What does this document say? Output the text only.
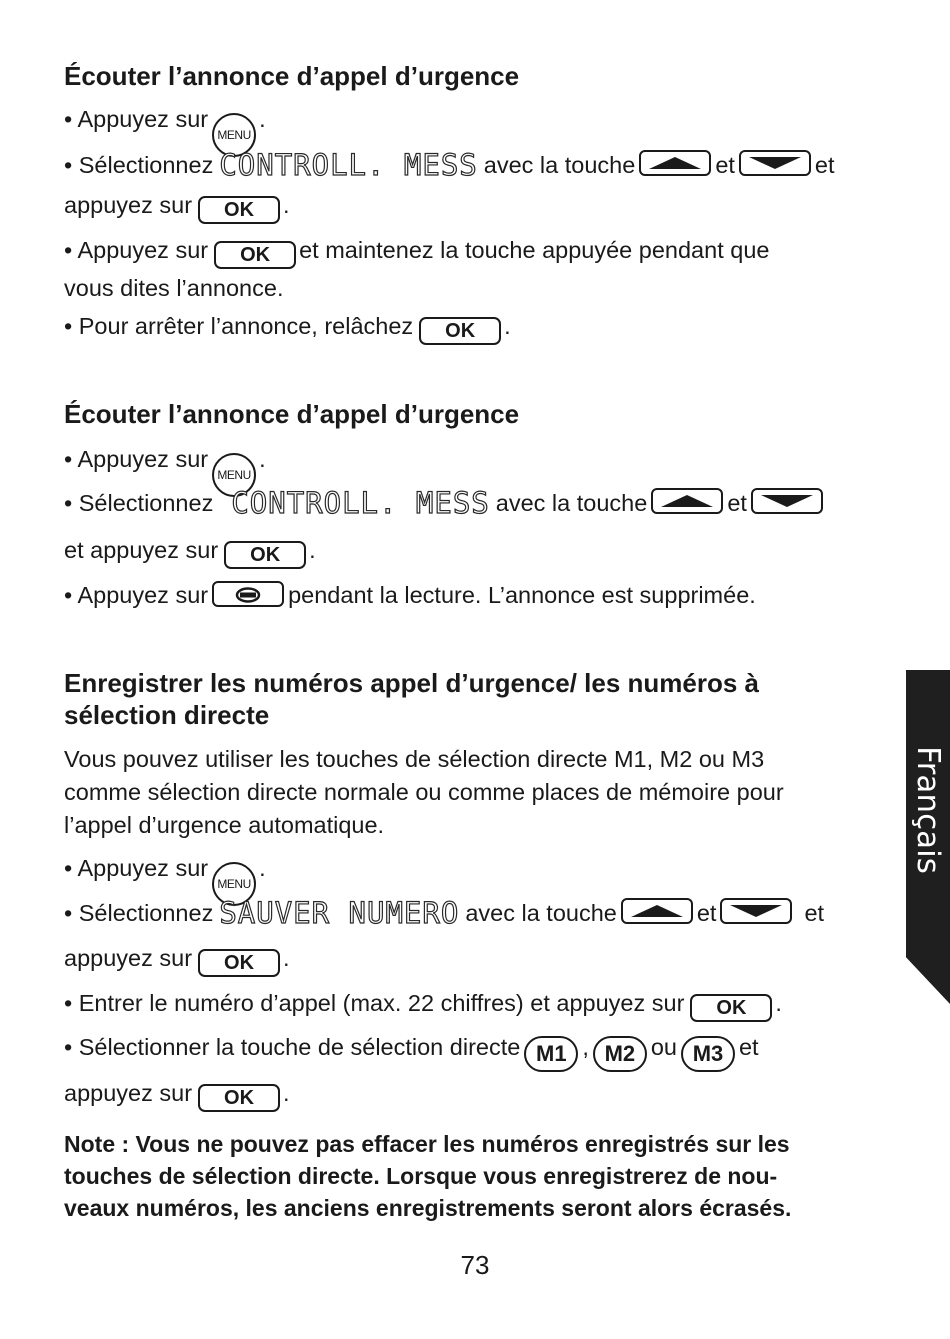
Écouter l’annonce d’appel d’urgence
• Appuyez surMENU.
• Sélectionnez CONTROLL. MESS avec la touche	et	et
appuyez sur OK .
• Appuyez sur OK et maintenez la touche appuyée pendant que
vous dites l’annonce.
• Pour arrêter l’annonce, relâchez OK .
Écouter l’annonce d’appel d’urgence
• Appuyez surMENU.
• Sélectionnez CONTROLL. MESS avec la touche	et
et appuyez sur OK .
• Appuyez sur	pendant la lecture. L’annonce est supprimée.
Enregistrer les numéros appel d’urgence/ les numéros à
sélection directe
Vous pouvez utiliser les touches de sélection directe M1, M2 ou M3
comme sélection directe normale ou comme places de mémoire pour
l’appel d’urgence automatique.
• Appuyez surMENU.
• Sélectionnez SAUVER NUMERO avec la touche	et	et
appuyez sur OK .
• Entrer le numéro d’appel (max. 22 chiffres) et appuyez sur OK .
• Sélectionner la touche de sélection directe M1 , M2 ou M3 et
appuyez sur OK .
Note : Vous ne pouvez pas effacer les numéros enregistrés sur les
touches de sélection directe. Lorsque vous enregistrerez de nou-
veaux numéros, les anciens enregistrements seront alors écrasés.
73
Français
